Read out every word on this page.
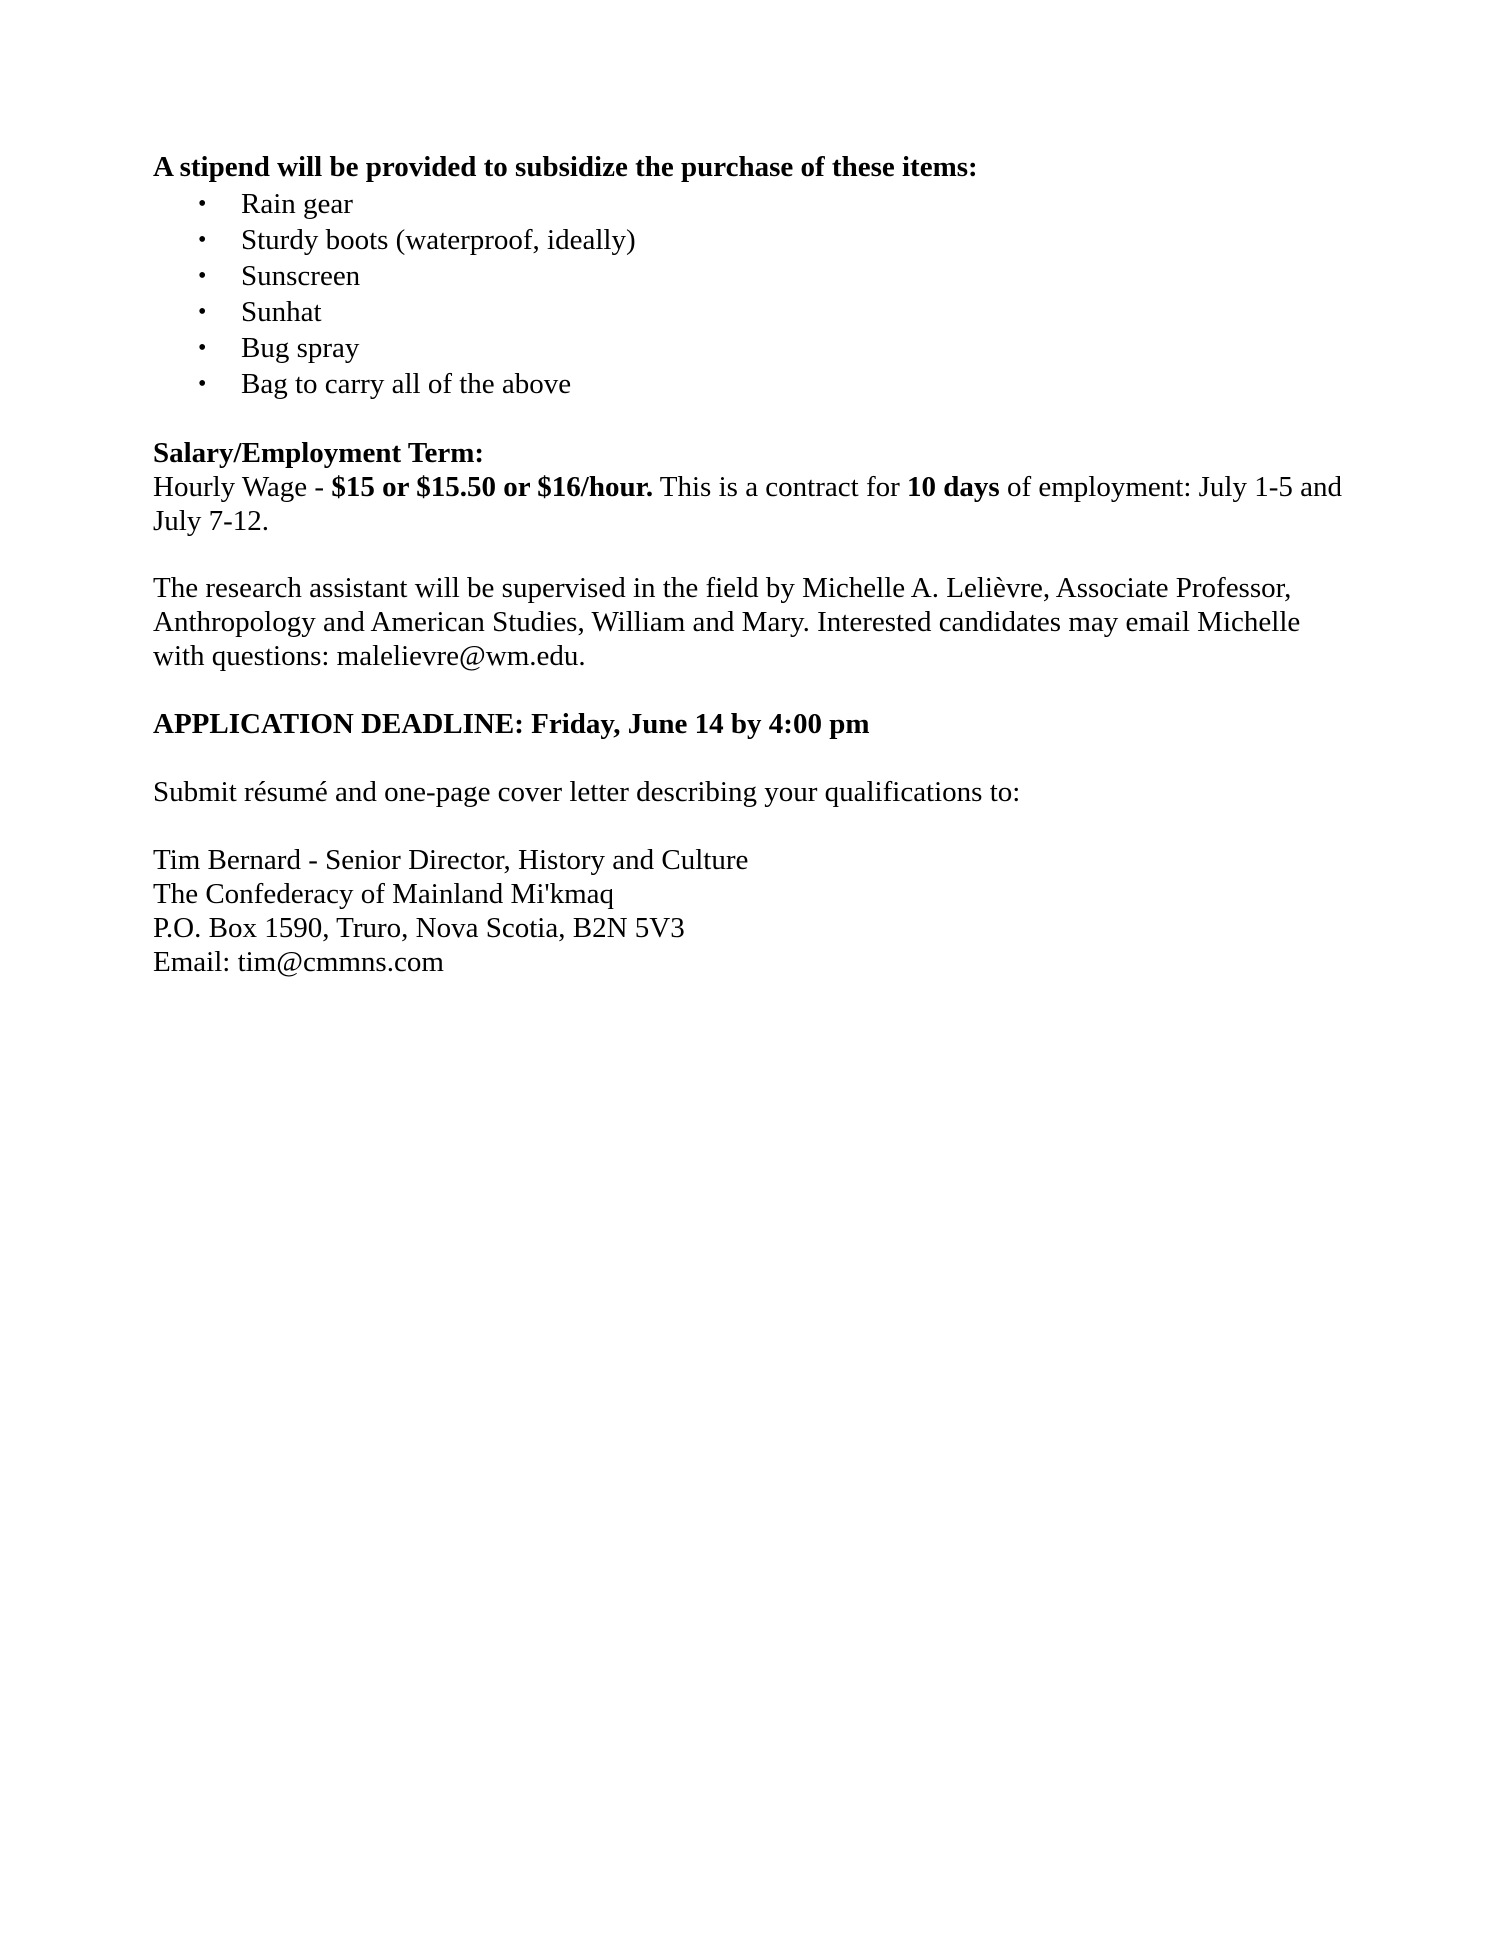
A stipend will be provided to subsidize the purchase of these items:

• Rain gear
• Sturdy boots (waterproof, ideally)
• Sunscreen
• Sunhat
• Bug spray
• Bag to carry all of the above

Salary/Employment Term:

Hourly Wage - $15 or $15.50 or $16/hour. This is a contract for 10 days of employment: July 1-5 and July 7-12.

The research assistant will be supervised in the field by Michelle A. Lelièvre, Associate Professor, Anthropology and American Studies, William and Mary. Interested candidates may email Michelle with questions: malelievre@wm.edu.

APPLICATION DEADLINE: Friday, June 14 by 4:00 pm

Submit résumé and one-page cover letter describing your qualifications to:

Tim Bernard - Senior Director, History and Culture
The Confederacy of Mainland Mi'kmaq
P.O. Box 1590, Truro, Nova Scotia, B2N 5V3
Email: tim@cmmns.com
